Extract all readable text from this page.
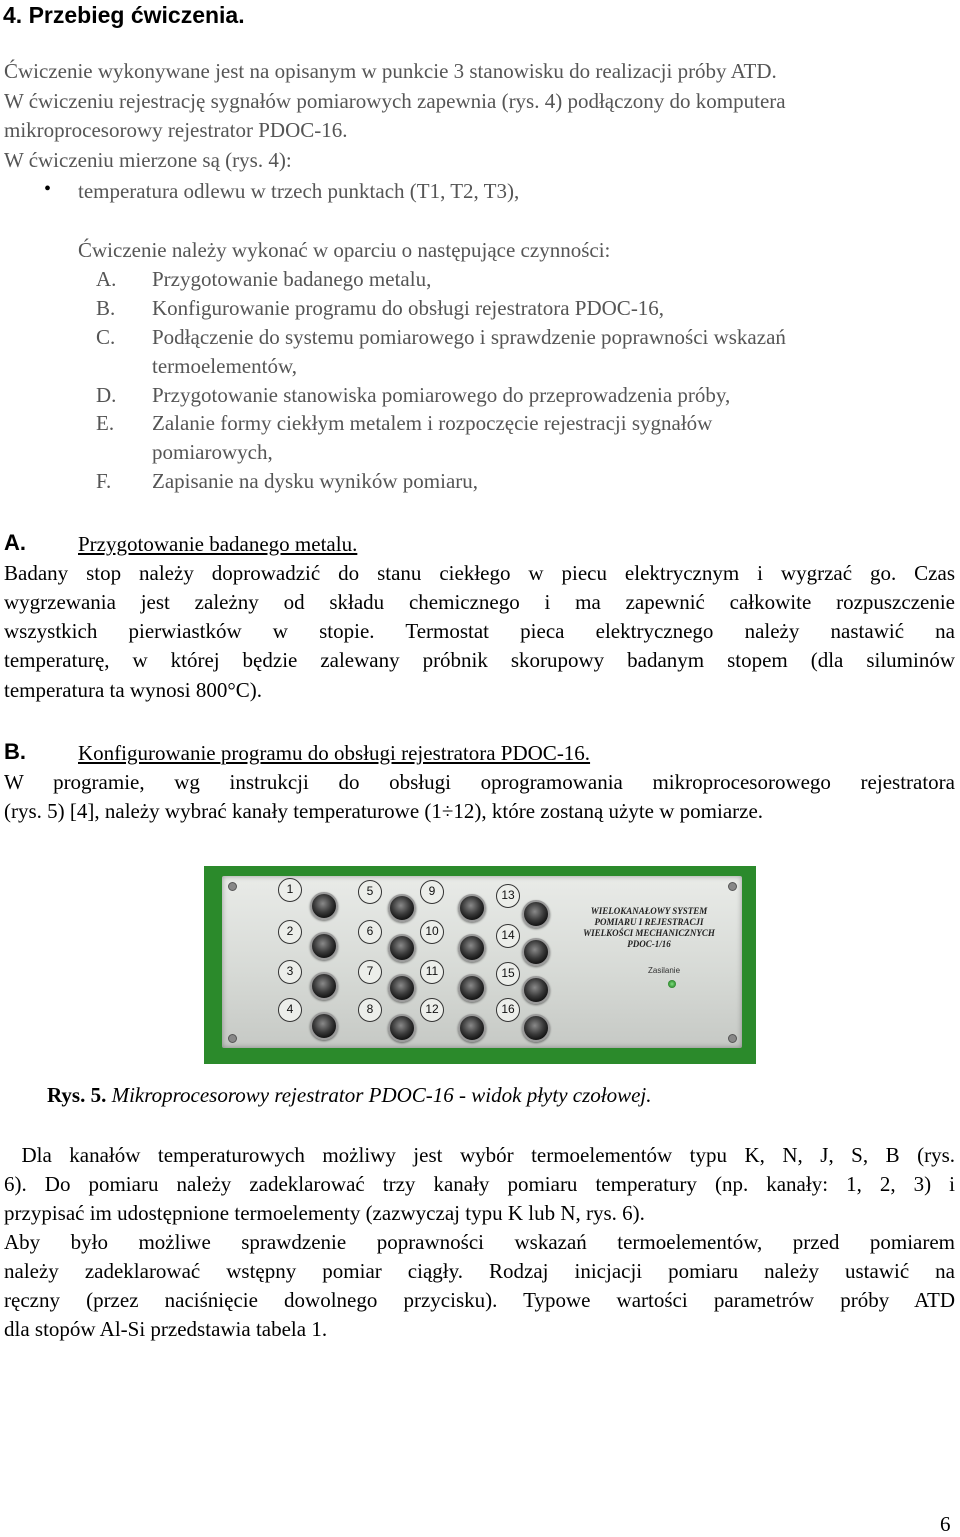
4. Przebieg ćwiczenia.
Ćwiczenie wykonywane jest na opisanym w punkcie 3 stanowisku do realizacji próby ATD.
W ćwiczeniu rejestrację sygnałów pomiarowych zapewnia (rys. 4) podłączony do komputera
mikroprocesorowy rejestrator PDOC-16.
W ćwiczeniu mierzone są (rys. 4):
• temperatura odlewu w trzech punktach (T1, T2, T3),
Ćwiczenie należy wykonać w oparciu o następujące czynności:
A. Przygotowanie badanego metalu,
B. Konfigurowanie programu do obsługi rejestratora PDOC-16,
C. Podłączenie do systemu pomiarowego i sprawdzenie poprawności wskazań
termoelementów,
D. Przygotowanie stanowiska pomiarowego do przeprowadzenia próby,
E. Zalanie formy ciekłym metalem i rozpoczęcie rejestracji sygnałów
pomiarowych,
F. Zapisanie na dysku wyników pomiaru,
A. Przygotowanie badanego metalu.
Badany stop należy doprowadzić do stanu ciekłego w piecu elektrycznym i wygrzać go. Czas
wygrzewania jest zależny od składu chemicznego i ma zapewnić całkowite rozpuszczenie
wszystkich pierwiastków w stopie. Termostat pieca elektrycznego należy nastawić na
temperaturę, w której będzie zalewany próbnik skorupowy badanym stopem (dla siluminów
temperatura ta wynosi 800°C).
B. Konfigurowanie programu do obsługi rejestratora PDOC-16.
W programie, wg instrukcji do obsługi oprogramowania mikroprocesorowego rejestratora
(rys. 5) [4], należy wybrać kanały temperaturowe (1÷12), które zostaną użyte w pomiarze.
1
2
3
4
5
6
7
8
9
10
11
12
13
14
15
16
WIELOKANAŁOWY SYSTEM
POMIARU I REJESTRACJI
WIELKOŚCI MECHANICZNYCH
PDOC-1/16
Zasilanie
Rys. 5. Mikroprocesorowy rejestrator PDOC-16 - widok płyty czołowej.
Dla kanałów temperaturowych możliwy jest wybór termoelementów typu K, N, J, S, B (rys.
6). Do pomiaru należy zadeklarować trzy kanały pomiaru temperatury (np. kanały: 1, 2, 3) i
przypisać im udostępnione termoelementy (zazwyczaj typu K lub N, rys. 6).
Aby było możliwe sprawdzenie poprawności wskazań termoelementów, przed pomiarem
należy zadeklarować wstępny pomiar ciągły. Rodzaj inicjacji pomiaru należy ustawić na
ręczny (przez naciśnięcie dowolnego przycisku). Typowe wartości parametrów próby ATD
dla stopów Al-Si przedstawia tabela 1.
6
